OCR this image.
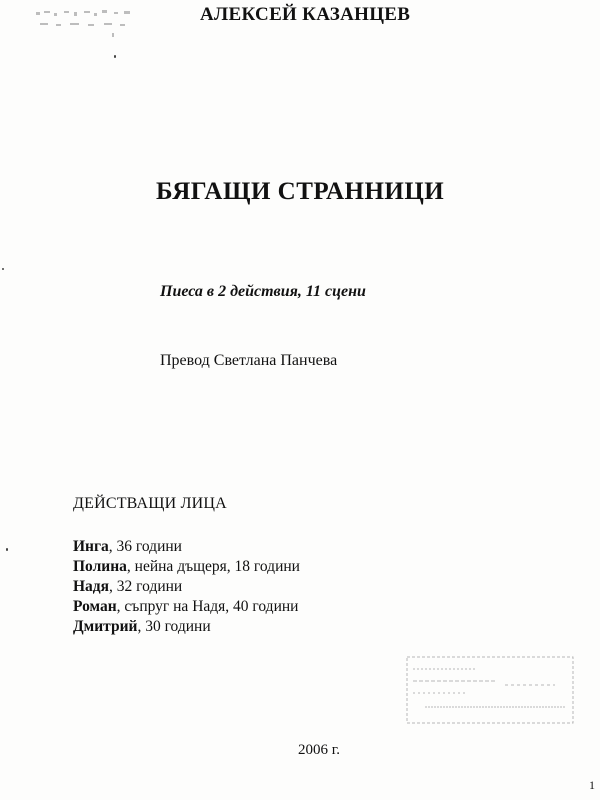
АЛЕКСЕЙ КАЗАНЦЕВ
БЯГАЩИ СТРАННИЦИ
Пиеса в 2 действия, 11 сцени
Превод Светлана Панчева
ДЕЙСТВАЩИ ЛИЦА
Инга, 36 години
Полина, нейна дъщеря, 18 години
Надя, 32 години
Роман, съпруг на Надя, 40 години
Дмитрий, 30 години
2006 г.
1
